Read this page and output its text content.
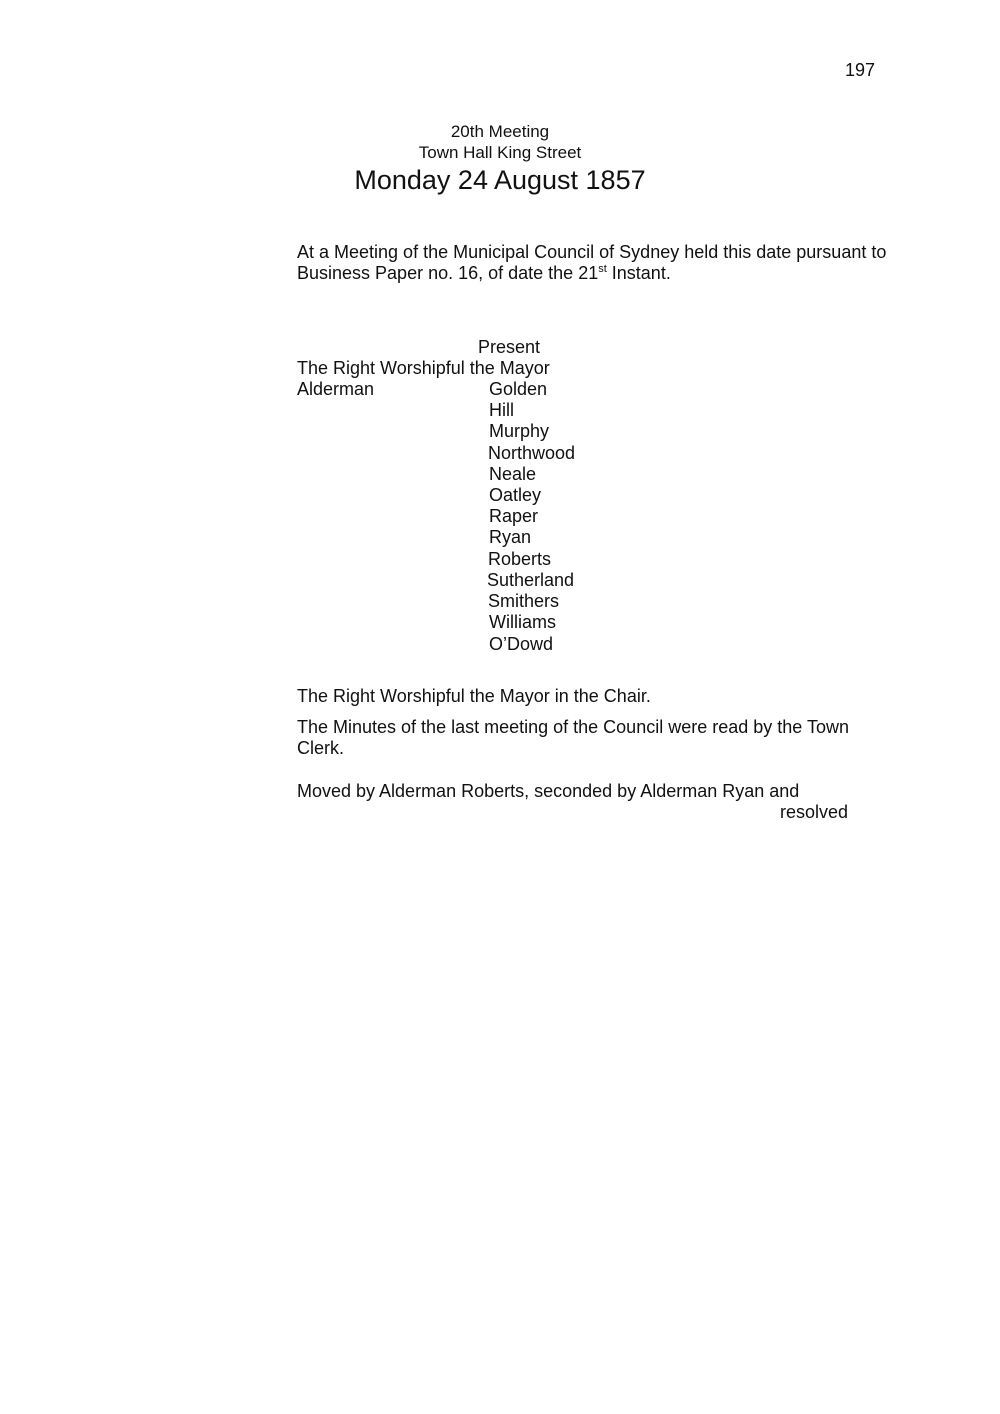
197
20th Meeting
Town Hall King Street
Monday 24 August 1857

At a Meeting of the Municipal Council of Sydney held this date pursuant to Business Paper no. 16, of date the 21st Instant.

Present
The Right Worshipful the Mayor
Alderman	Golden
Hill
Murphy
Northwood
Neale
Oatley
Raper
Ryan
Roberts
Sutherland
Smithers
Williams
O’Dowd
The Right Worshipful the Mayor in the Chair.

The Minutes of the last meeting of the Council were read by the Town Clerk.

Moved by Alderman Roberts, seconded by Alderman Ryan and
resolved
